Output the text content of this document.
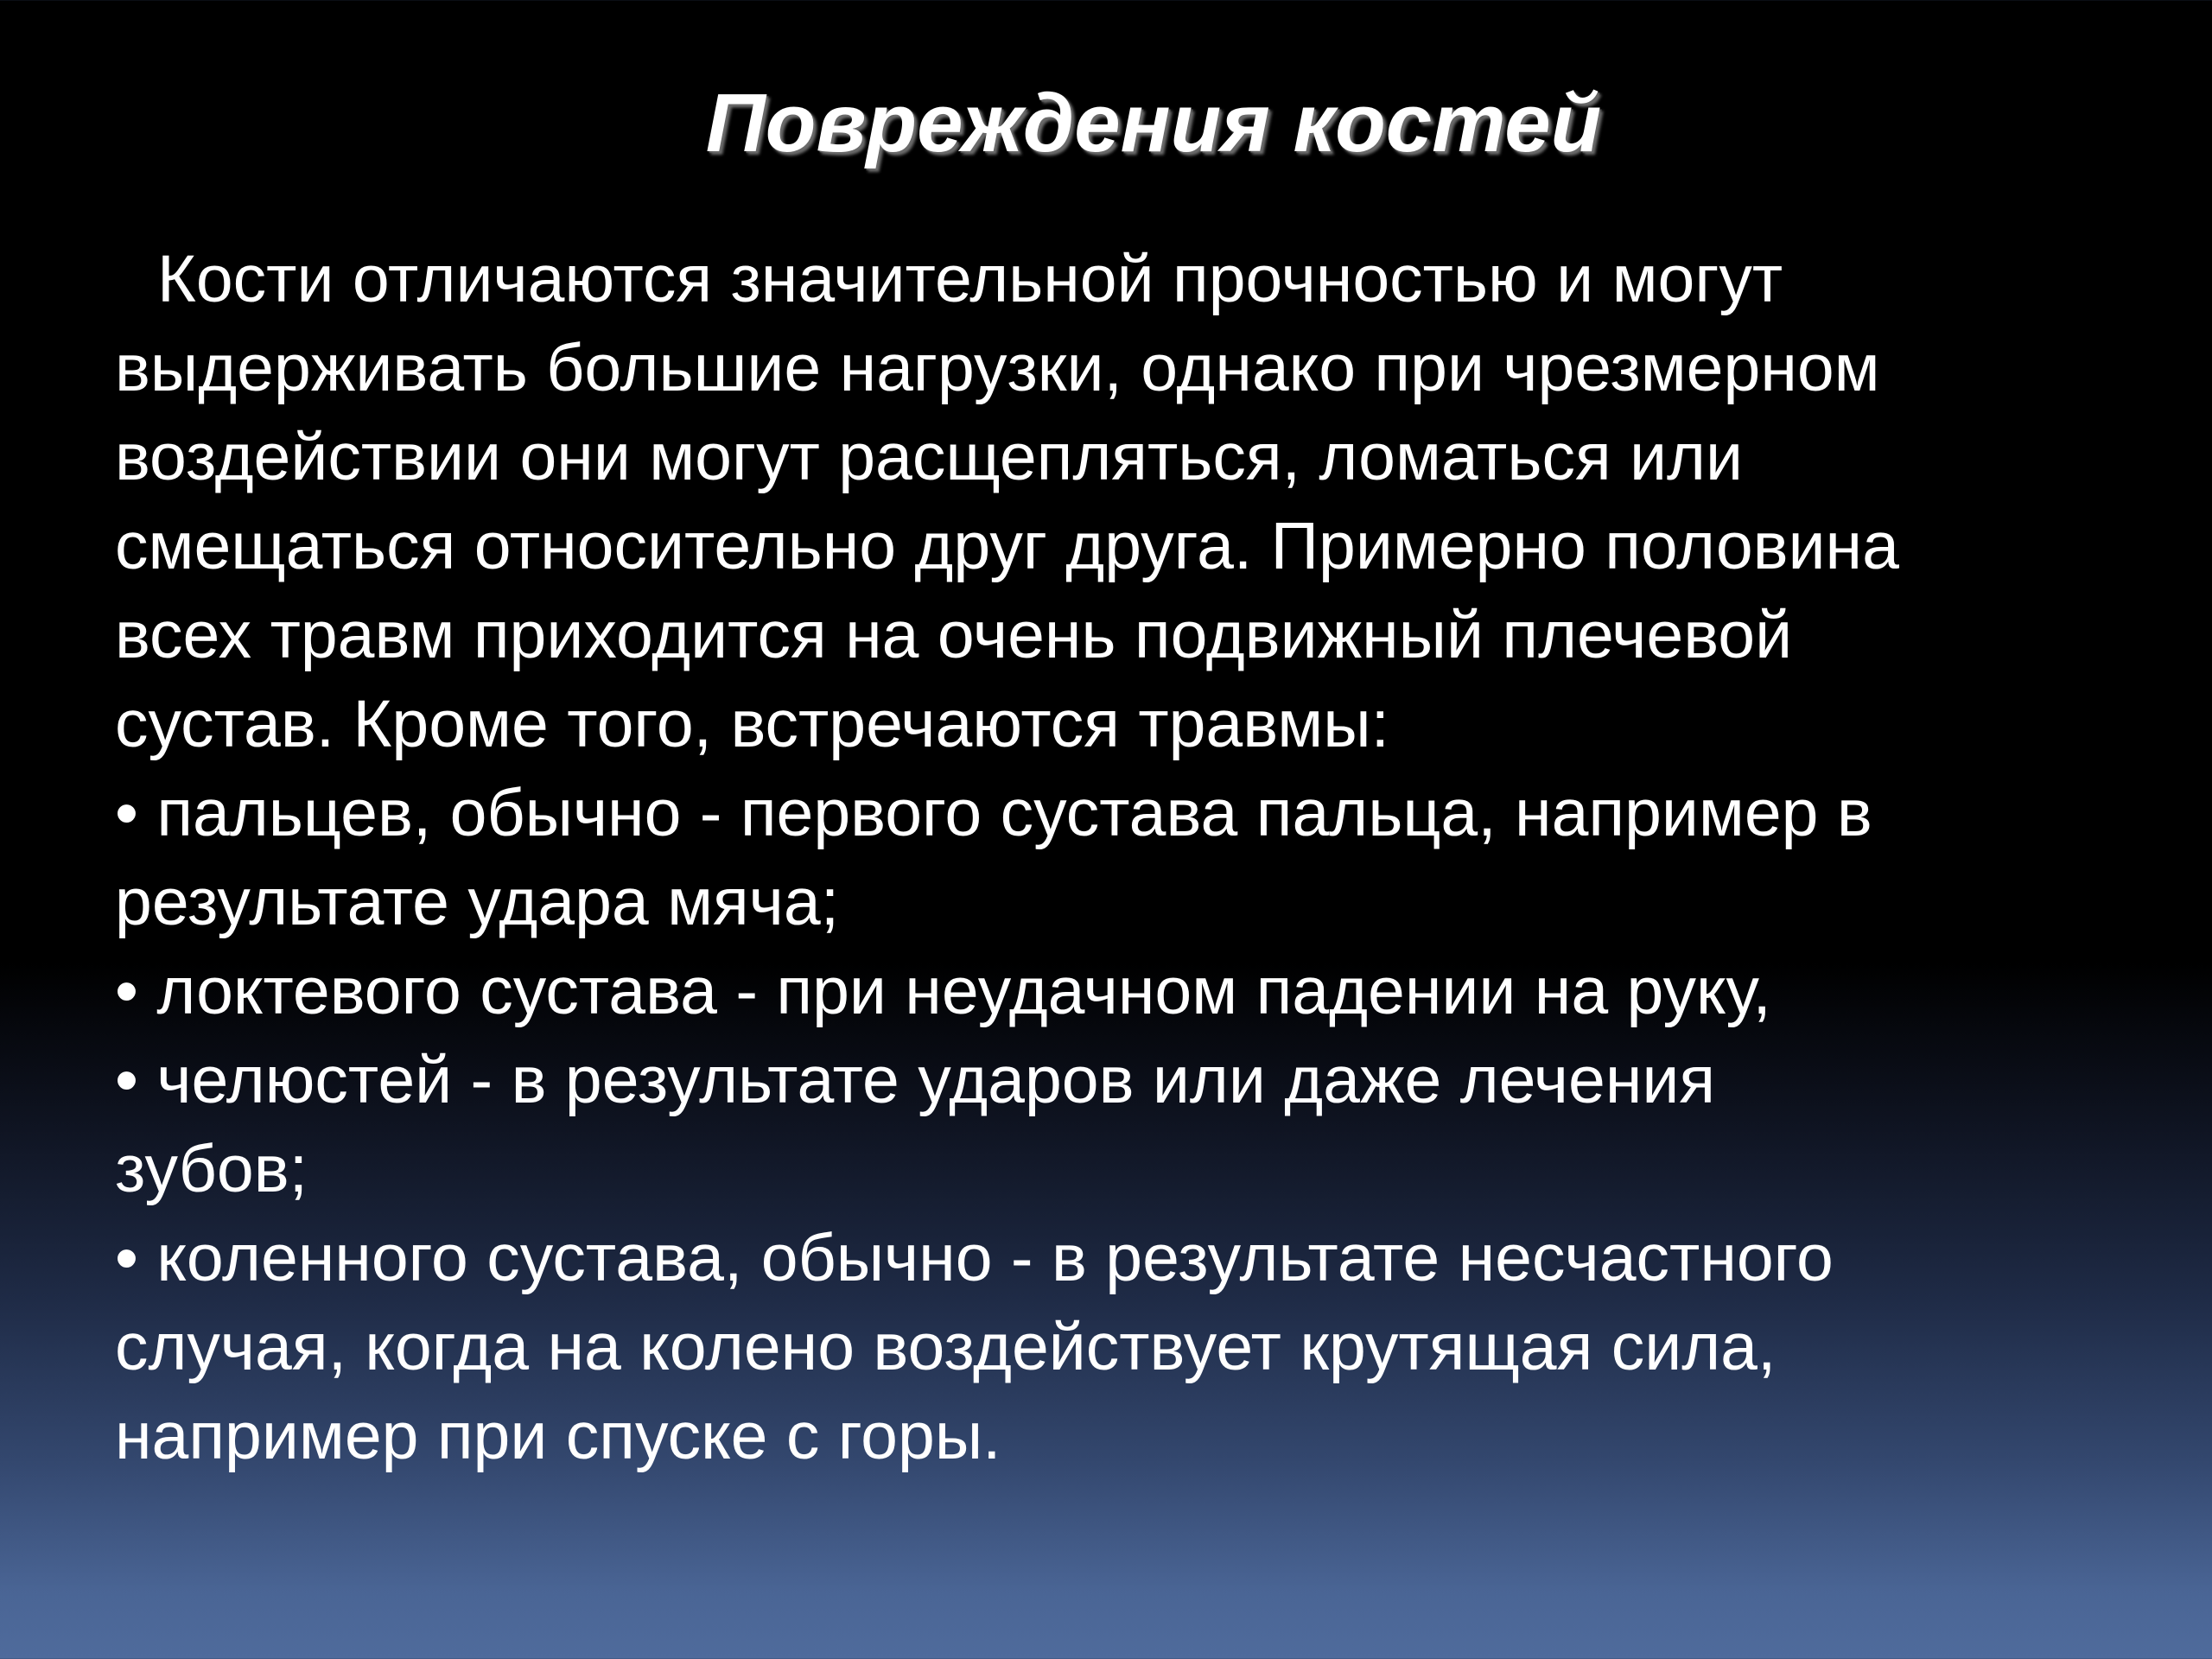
Повреждения костей
Кости отличаются значительной прочностью и могут
выдерживать большие нагрузки, однако при чрезмерном
воздействии они могут расщепляться, ломаться или
смещаться относительно друг друга. Примерно половина
всех травм приходится на очень подвижный плечевой
сустав. Кроме того, встречаются травмы:
• пальцев, обычно - первого сустава пальца, например в
результате удара мяча;
• локтевого сустава - при неудачном падении на руку,
• челюстей - в результате ударов или даже лечения
зубов;
• коленного сустава, обычно - в результате несчастного
случая, когда на колено воздействует крутящая сила,
например при спуске с горы.
